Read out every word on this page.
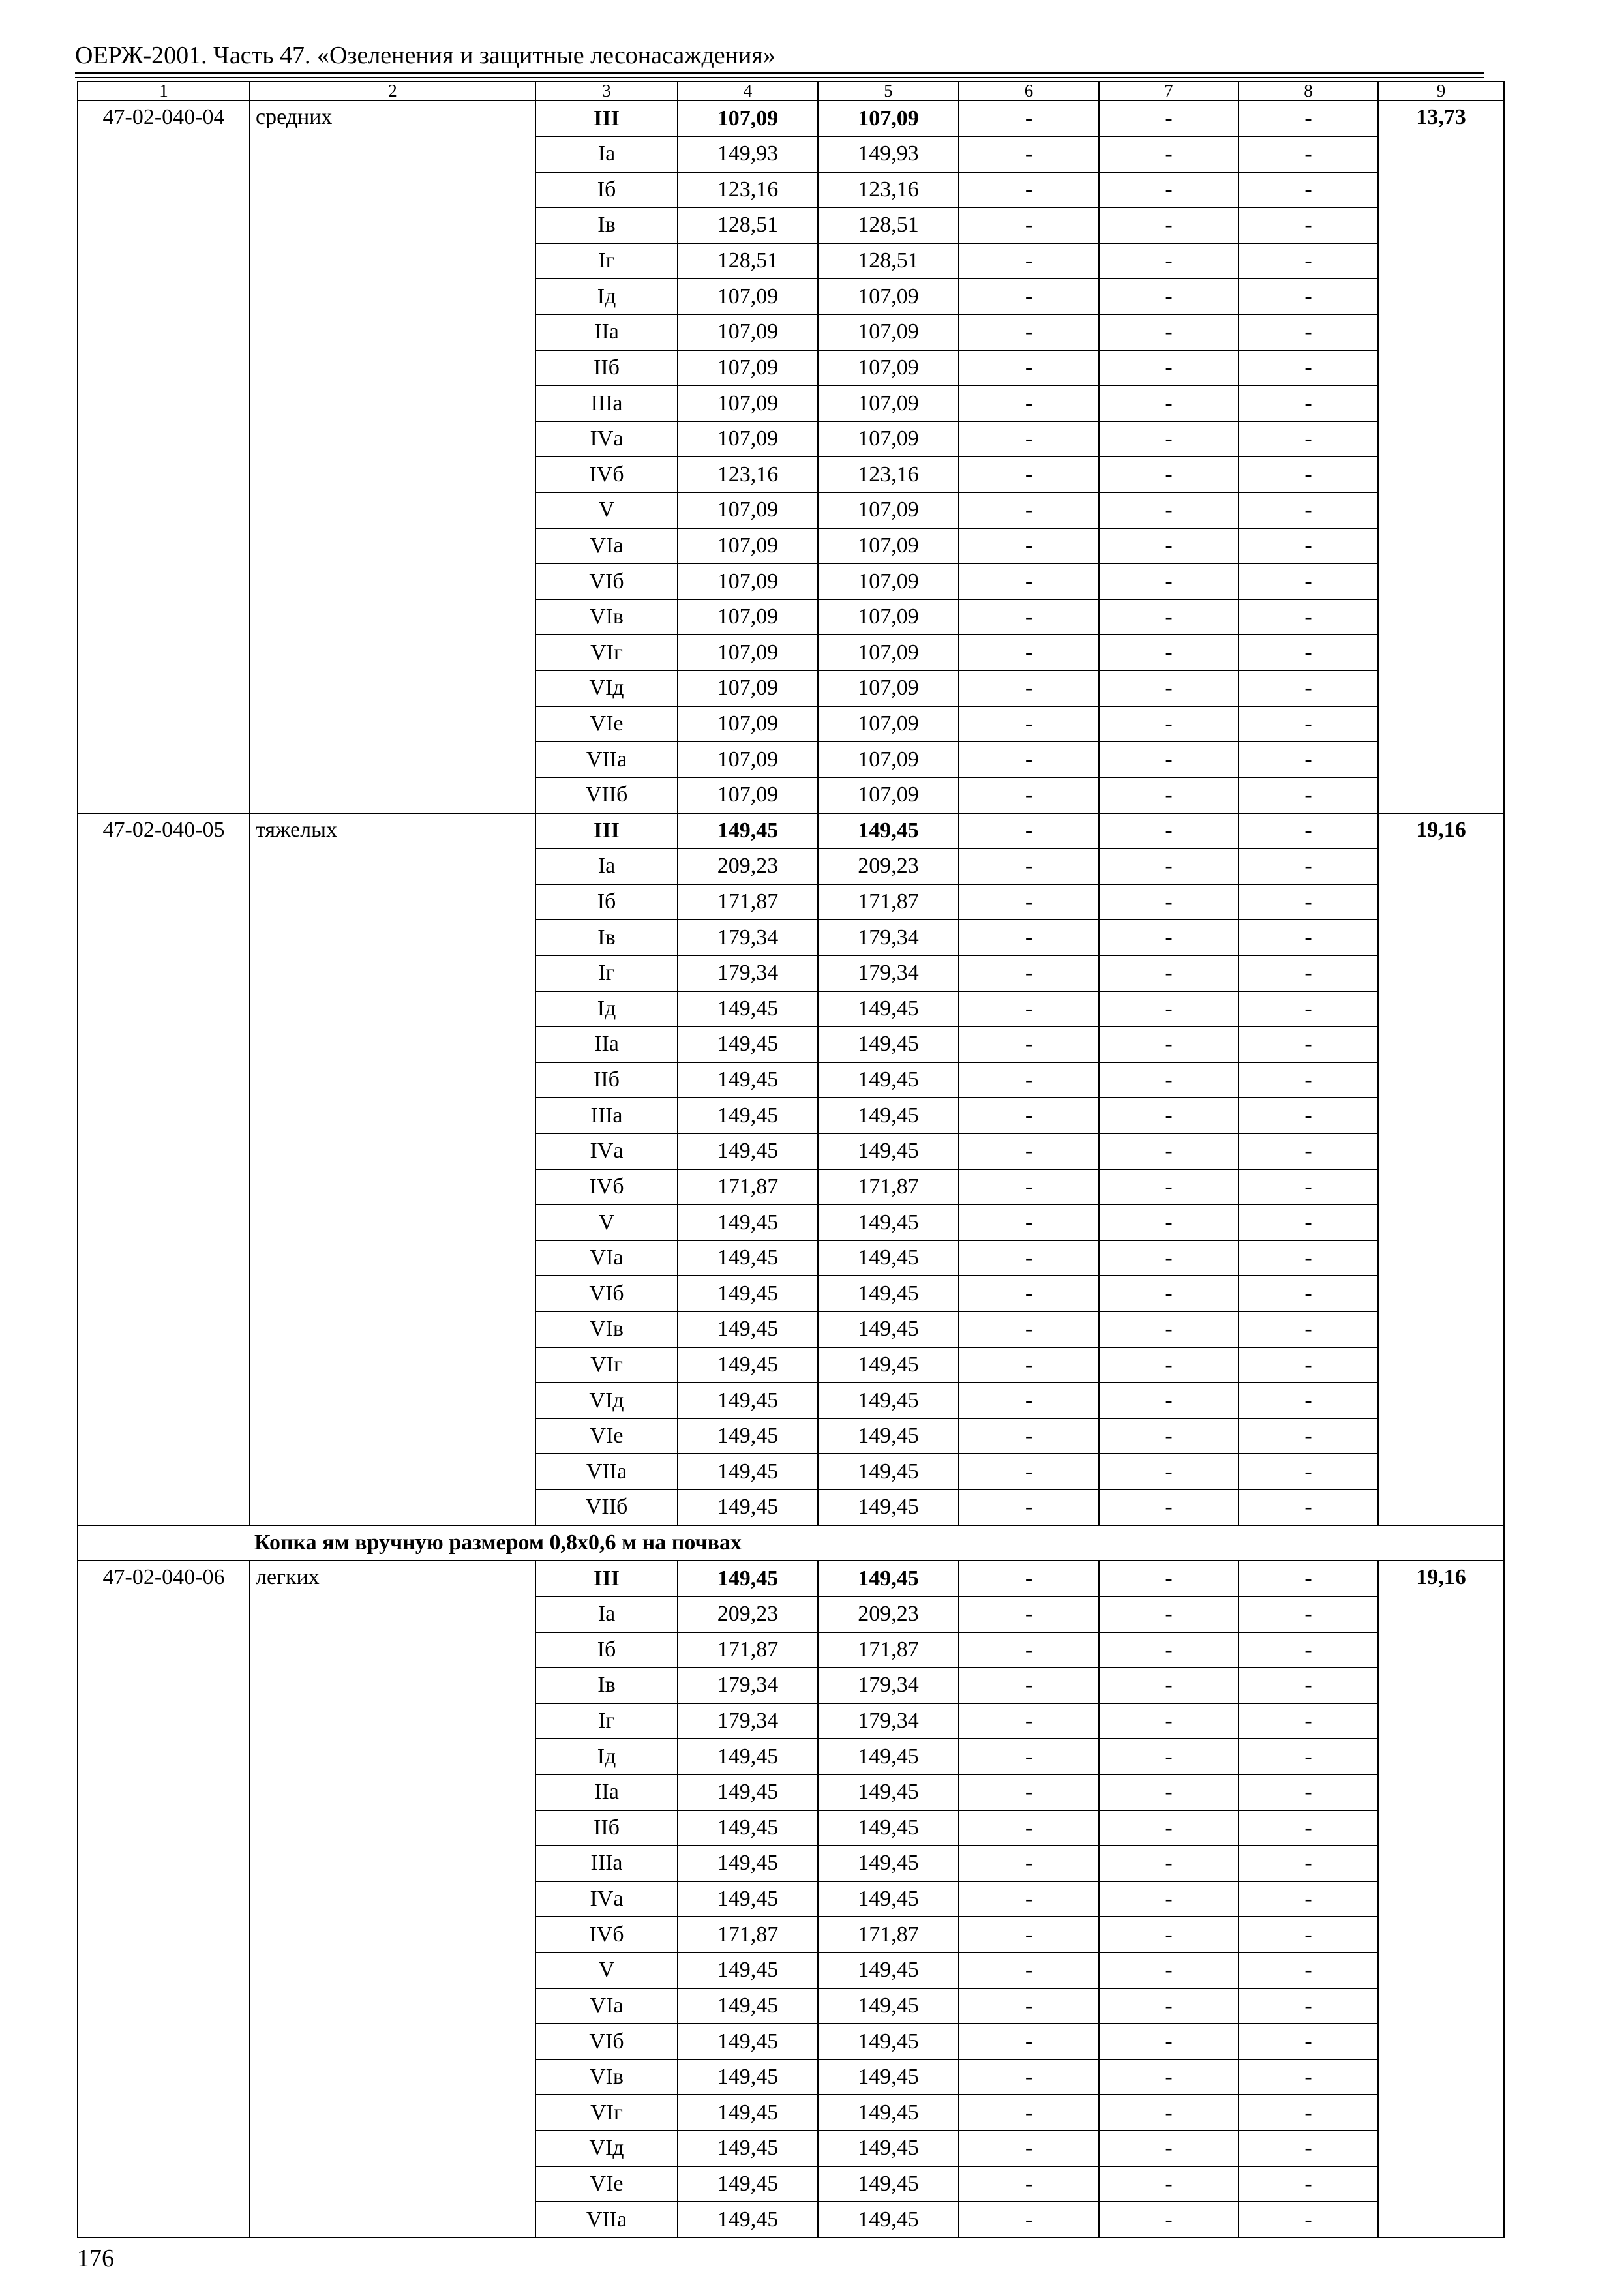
ОЕРЖ-2001. Часть 47. «Озеленения и защитные лесонасаждения»
1	2	3	4	5	6	7	8	9
47-02-040-04	средних	III	107,09	107,09	-	-	-	13,73
		Iа	149,93	149,93	-	-	-	
		Iб	123,16	123,16	-	-	-	
		Iв	128,51	128,51	-	-	-	
		Iг	128,51	128,51	-	-	-	
		Iд	107,09	107,09	-	-	-	
		IIа	107,09	107,09	-	-	-	
		IIб	107,09	107,09	-	-	-	
		IIIа	107,09	107,09	-	-	-	
		IVа	107,09	107,09	-	-	-	
		IVб	123,16	123,16	-	-	-	
		V	107,09	107,09	-	-	-	
		VIа	107,09	107,09	-	-	-	
		VIб	107,09	107,09	-	-	-	
		VIв	107,09	107,09	-	-	-	
		VIг	107,09	107,09	-	-	-	
		VIд	107,09	107,09	-	-	-	
		VIе	107,09	107,09	-	-	-	
		VIIа	107,09	107,09	-	-	-	
		VIIб	107,09	107,09	-	-	-	
47-02-040-05	тяжелых	III	149,45	149,45	-	-	-	19,16
		Iа	209,23	209,23	-	-	-	
		Iб	171,87	171,87	-	-	-	
		Iв	179,34	179,34	-	-	-	
		Iг	179,34	179,34	-	-	-	
		Iд	149,45	149,45	-	-	-	
		IIа	149,45	149,45	-	-	-	
		IIб	149,45	149,45	-	-	-	
		IIIа	149,45	149,45	-	-	-	
		IVа	149,45	149,45	-	-	-	
		IVб	171,87	171,87	-	-	-	
		V	149,45	149,45	-	-	-	
		VIа	149,45	149,45	-	-	-	
		VIб	149,45	149,45	-	-	-	
		VIв	149,45	149,45	-	-	-	
		VIг	149,45	149,45	-	-	-	
		VIд	149,45	149,45	-	-	-	
		VIе	149,45	149,45	-	-	-	
		VIIа	149,45	149,45	-	-	-	
		VIIб	149,45	149,45	-	-	-	
Копка ям вручную размером 0,8х0,6 м на почвах								
47-02-040-06	легких	III	149,45	149,45	-	-	-	19,16
		Iа	209,23	209,23	-	-	-	
		Iб	171,87	171,87	-	-	-	
		Iв	179,34	179,34	-	-	-	
		Iг	179,34	179,34	-	-	-	
		Iд	149,45	149,45	-	-	-	
		IIа	149,45	149,45	-	-	-	
		IIб	149,45	149,45	-	-	-	
		IIIа	149,45	149,45	-	-	-	
		IVа	149,45	149,45	-	-	-	
		IVб	171,87	171,87	-	-	-	
		V	149,45	149,45	-	-	-	
		VIа	149,45	149,45	-	-	-	
		VIб	149,45	149,45	-	-	-	
		VIв	149,45	149,45	-	-	-	
		VIг	149,45	149,45	-	-	-	
		VIд	149,45	149,45	-	-	-	
		VIе	149,45	149,45	-	-	-	
		VIIа	149,45	149,45	-	-	-	
176
